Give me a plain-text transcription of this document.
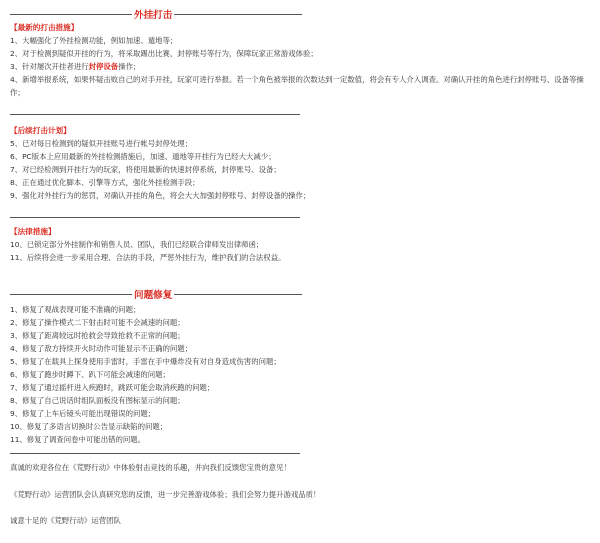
外挂打击
【最新的打击措施】
1、大幅强化了外挂检测功能，例如加速、遁地等；
2、对于检测到疑似开挂的行为，将采取踢出比赛，封停账号等行为，保障玩家正常游戏体验；
3、针对屡次开挂者进行封停设备操作；
4、新增举报系统，如果怀疑击败自己的对手开挂，玩家可进行举报。若一个角色被举报的次数达到一定数值，将会有专人介入调查。对确认开挂的角色进行封停账号、设备等操作；
【后续打击计划】
5、已对每日检测到的疑似开挂账号进行帐号封停处理；
6、PC版本上应用最新的外挂检测措施后，加速、遁地等开挂行为已经大大减少；
7、对已经检测到开挂行为的玩家，将使用最新的快速封停系统，封停账号、设备；
8、正在通过优化脚本、引擎等方式，强化外挂检测手段；
9、强化对外挂行为的惩罚，对确认开挂的角色，将会大大加强封停账号、封停设备的操作；
【法律措施】
10、已锁定部分外挂制作和销售人员、团队，我们已经联合律师发出律师函；
11、后续将会进一步采用合理、合法的手段，严惩外挂行为，维护我们的合法权益。
问题修复
1、修复了观战表现可能不准确的问题；
2、修复了操作模式二下射击时可能不会减速的问题；
3、修复了距离较远时抢救会导致抢救不正常的问题；
4、修复了敌方持续开火时动作可能显示不正确的问题；
5、修复了在载具上探身使用手雷时，手雷在手中爆炸没有对自身造成伤害的问题；
6、修复了跑步时蹲下、趴下可能会减速的问题；
7、修复了通过摇杆进入疾跑时，跳跃可能会取消疾跑的问题；
8、修复了自己说话时组队面板没有图标显示的问题；
9、修复了上车后镜头可能出现错误的问题；
10、修复了多语言切换时公告显示缺陷的问题；
11、修复了调查问卷中可能出错的问题。
真诚的欢迎各位在《荒野行动》中体验射击竞技的乐趣，并向我们反馈您宝贵的意见！
《荒野行动》运营团队会认真研究您的反馈，进一步完善游戏体验；我们会努力提升游戏品质！
诚意十足的《荒野行动》运营团队
